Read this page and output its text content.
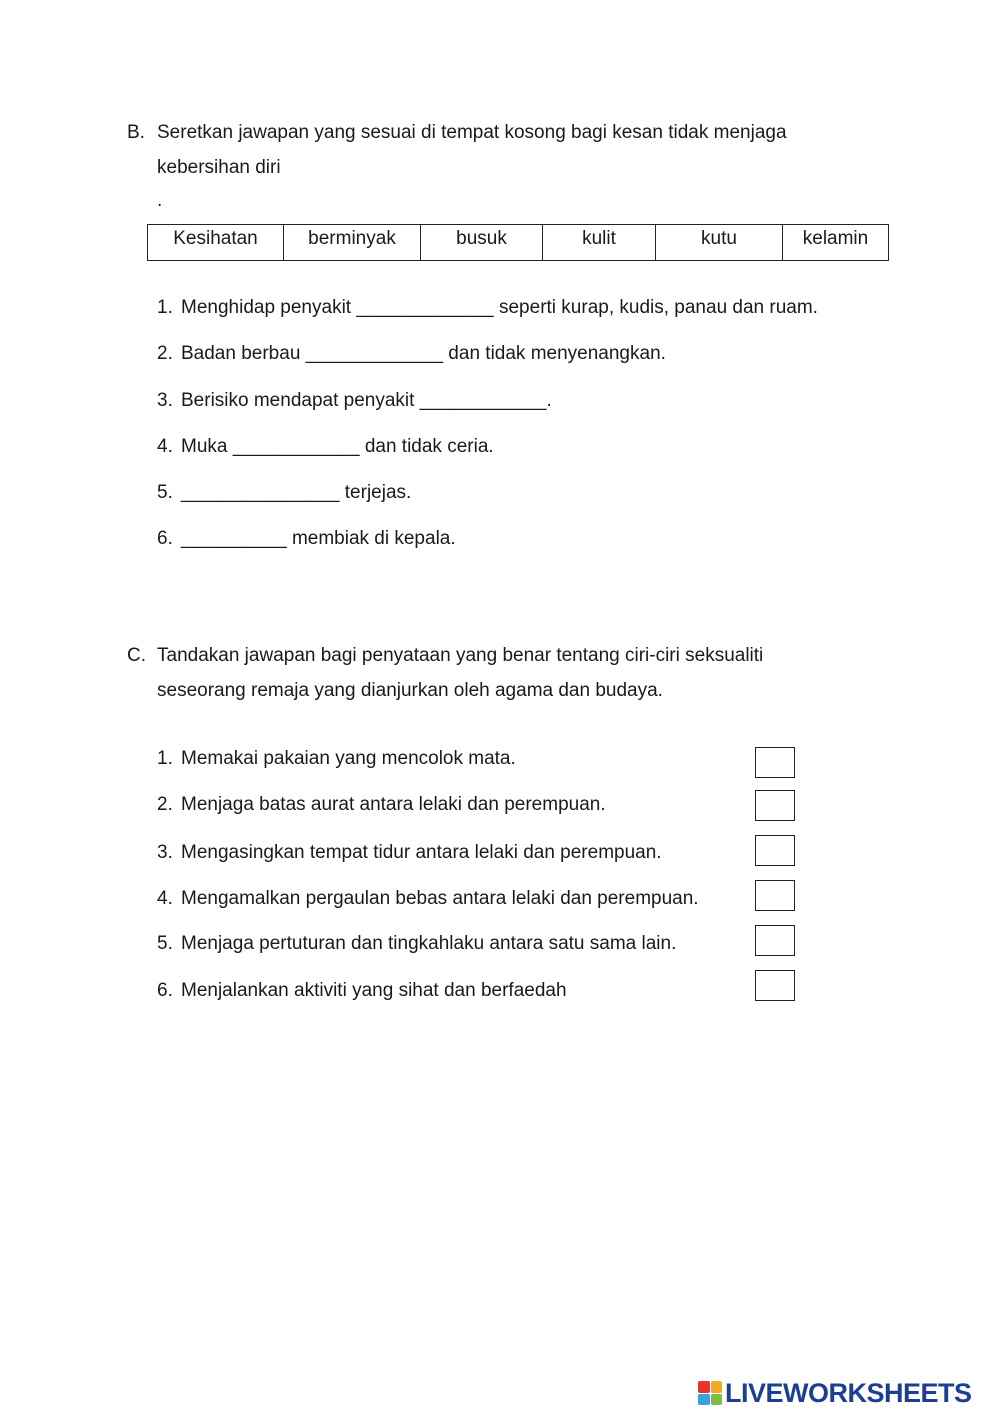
B. Seretkan jawapan yang sesuai di tempat kosong bagi kesan tidak menjaga
kebersihan diri
.
Kesihatan	berminyak	busuk	kulit	kutu	kelamin
1. Menghidap penyakit _____________ seperti kurap, kudis, panau dan ruam.
2. Badan berbau _____________ dan tidak menyenangkan.
3. Berisiko mendapat penyakit ____________.
4. Muka ____________ dan tidak ceria.
5. _______________ terjejas.
6. __________ membiak di kepala.
C. Tandakan jawapan bagi penyataan yang benar tentang ciri-ciri seksualiti
seseorang remaja yang dianjurkan oleh agama dan budaya.
1. Memakai pakaian yang mencolok mata.
2. Menjaga batas aurat antara lelaki dan perempuan.
3. Mengasingkan tempat tidur antara lelaki dan perempuan.
4. Mengamalkan pergaulan bebas antara lelaki dan perempuan.
5. Menjaga pertuturan dan tingkahlaku antara satu sama lain.
6. Menjalankan aktiviti yang sihat dan berfaedah
LIVEWORKSHEETS
